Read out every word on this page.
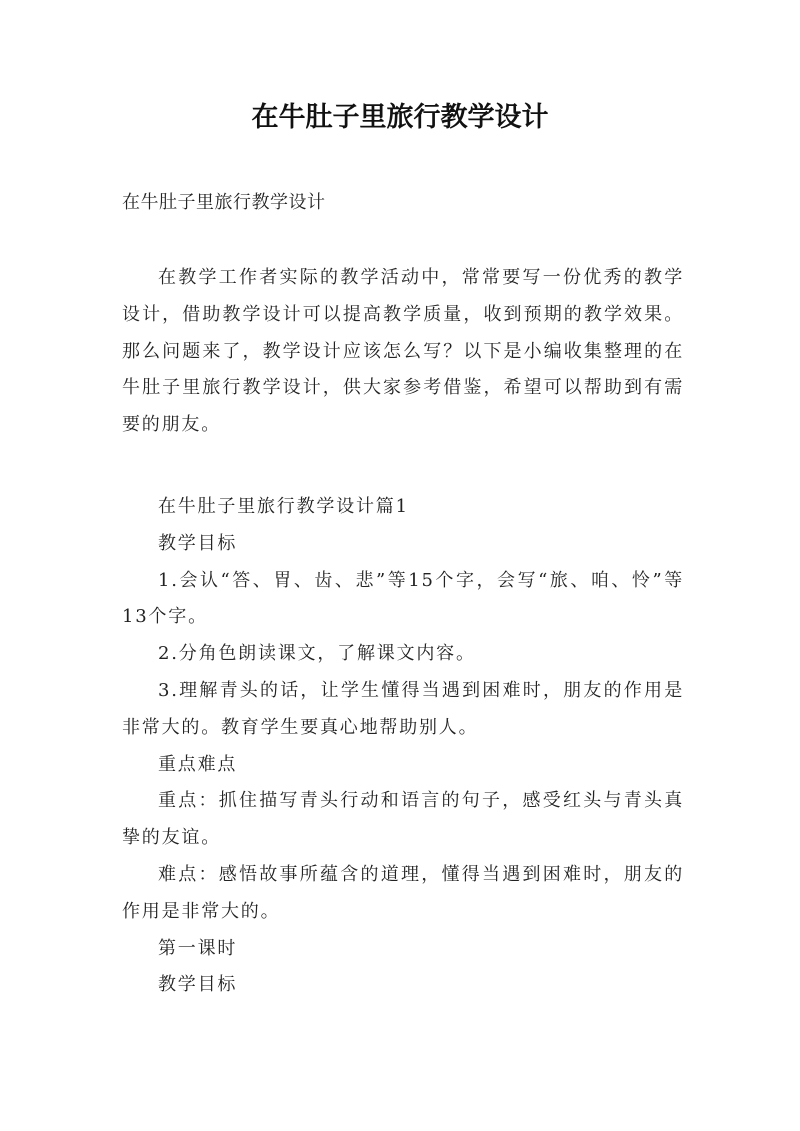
在牛肚子里旅行教学设计
在牛肚子里旅行教学设计

在教学工作者实际的教学活动中，常常要写一份优秀的教学设计，借助教学设计可以提高教学质量，收到预期的教学效果。那么问题来了，教学设计应该怎么写？以下是小编收集整理的在牛肚子里旅行教学设计，供大家参考借鉴，希望可以帮助到有需要的朋友。

在牛肚子里旅行教学设计篇1

教学目标

1.会认“答、胃、齿、悲”等15个字，会写“旅、咱、怜”等13个字。

2.分角色朗读课文，了解课文内容。

3.理解青头的话，让学生懂得当遇到困难时，朋友的作用是非常大的。教育学生要真心地帮助别人。

重点难点

重点：抓住描写青头行动和语言的句子，感受红头与青头真挚的友谊。

难点：感悟故事所蕴含的道理，懂得当遇到困难时，朋友的作用是非常大的。

第一课时

教学目标
